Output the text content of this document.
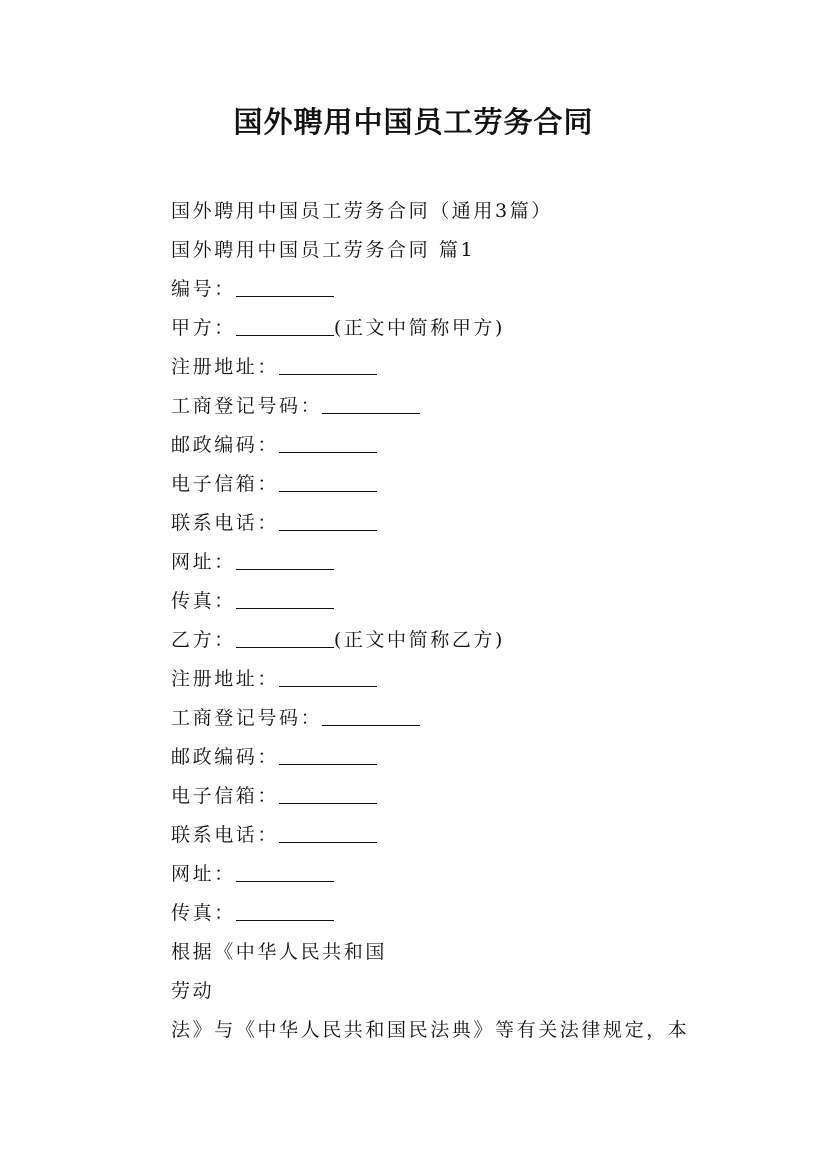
国外聘用中国员工劳务合同
国外聘用中国员工劳务合同（通用3篇）
国外聘用中国员工劳务合同 篇1
编号：
甲方：	(正文中简称甲方)
注册地址：
工商登记号码：
邮政编码：
电子信箱：
联系电话：
网址：
传真：
乙方：	(正文中简称乙方)
注册地址：
工商登记号码：
邮政编码：
电子信箱：
联系电话：
网址：
传真：
根据《中华人民共和国
劳动
法》与《中华人民共和国民法典》等有关法律规定，本
